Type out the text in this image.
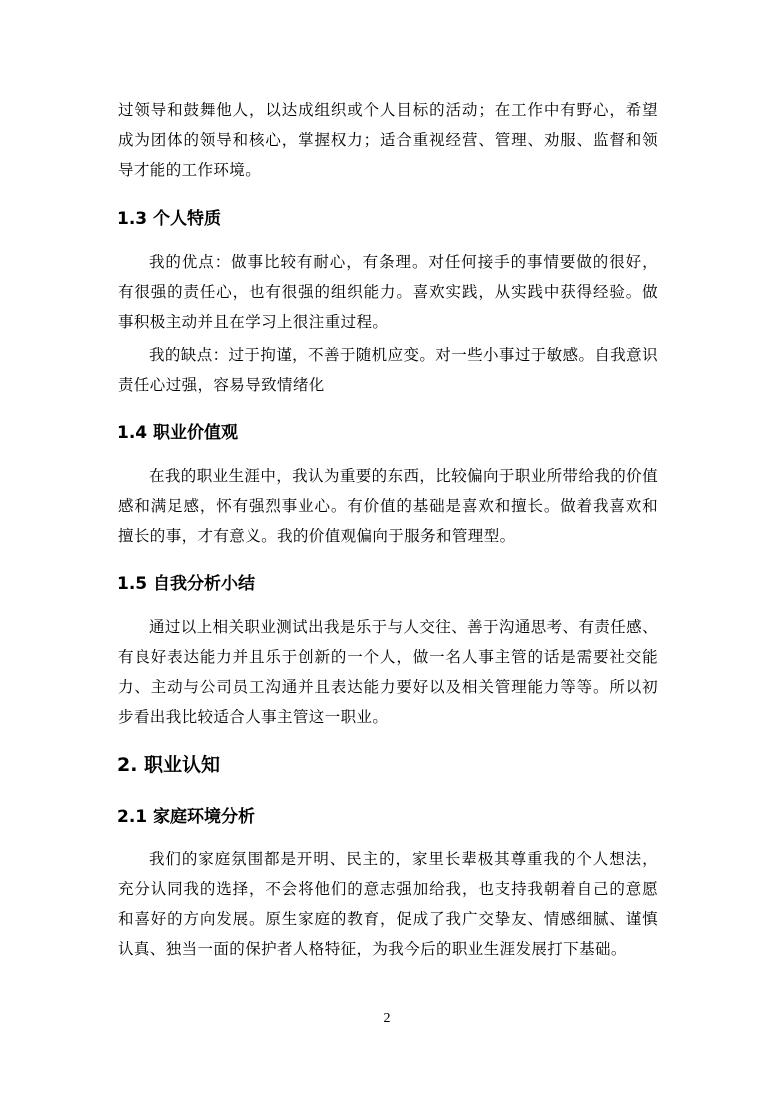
过领导和鼓舞他人，以达成组织或个人目标的活动；在工作中有野心，希望成为团体的领导和核心，掌握权力；适合重视经营、管理、劝服、监督和领导才能的工作环境。

1.3 个人特质

我的优点：做事比较有耐心，有条理。对任何接手的事情要做的很好， 有很强的责任心，也有很强的组织能力。喜欢实践，从实践中获得经验。做事积极主动并且在学习上很注重过程。

我的缺点：过于拘谨，不善于随机应变。对一些小事过于敏感。自我意识责任心过强，容易导致情绪化

1.4 职业价值观

在我的职业生涯中，我认为重要的东西，比较偏向于职业所带给我的价值感和满足感，怀有强烈事业心。有价值的基础是喜欢和擅长。做着我喜欢和擅长的事，才有意义。我的价值观偏向于服务和管理型。

1.5 自我分析小结

通过以上相关职业测试出我是乐于与人交往、善于沟通思考、有责任感、有良好表达能力并且乐于创新的一个人，做一名人事主管的话是需要社交能力、主动与公司员工沟通并且表达能力要好以及相关管理能力等等。所以初步看出我比较适合人事主管这一职业。

2. 职业认知
2.1 家庭环境分析

我们的家庭氛围都是开明、民主的，家里长辈极其尊重我的个人想法， 充分认同我的选择，不会将他们的意志强加给我，也支持我朝着自己的意愿和喜好的方向发展。原生家庭的教育，促成了我广交挚友、情感细腻、谨慎认真、独当一面的保护者人格特征，为我今后的职业生涯发展打下基础。

2
